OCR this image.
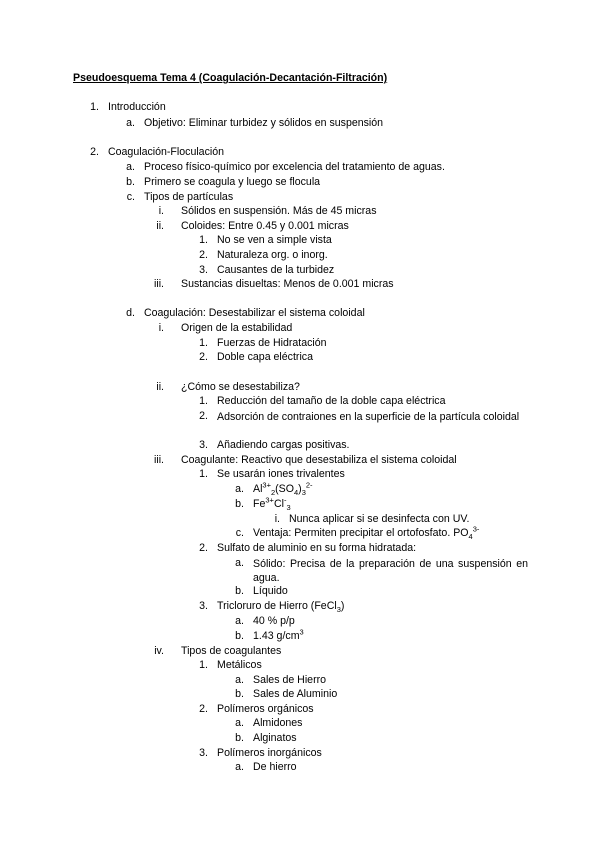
Pseudoesquema Tema 4 (Coagulación-Decantación-Filtración)
1. Introducción
a. Objetivo: Eliminar turbidez y sólidos en suspensión
2. Coagulación-Floculación
a. Proceso físico-químico por excelencia del tratamiento de aguas.
b. Primero se coagula y luego se flocula
c. Tipos de partículas
i. Sólidos en suspensión. Más de 45 micras
ii. Coloides: Entre 0.45 y 0.001 micras
1. No se ven a simple vista
2. Naturaleza org. o inorg.
3. Causantes de la turbidez
iii. Sustancias disueltas: Menos de 0.001 micras
d. Coagulación: Desestabilizar el sistema coloidal
i. Origen de la estabilidad
1. Fuerzas de Hidratación
2. Doble capa eléctrica
ii. ¿Cómo se desestabiliza?
1. Reducción del tamaño de la doble capa eléctrica
2. Adsorción de contraiones en la superficie de la partícula coloidal
3. Añadiendo cargas positivas.
iii. Coagulante: Reactivo que desestabiliza el sistema coloidal
1. Se usarán iones trivalentes
a. $Al^{3+}_2(SO_4)_3^{2-}$
b. $Fe^{3+}Cl^-_3$
i. Nunca aplicar si se desinfecta con UV.
c. Ventaja: Permiten precipitar el ortofosfato. $PO_4^{3-}$
2. Sulfato de aluminio en su forma hidratada:
a. Sólido: Precisa de la preparación de una suspensión en agua.
b. Líquido
3. Tricloruro de Hierro (FeCl$_3$)
a. 40 % p/p
b. 1.43 $g/cm^3$
iv. Tipos de coagulantes
1. Metálicos
a. Sales de Hierro
b. Sales de Aluminio
2. Polímeros orgánicos
a. Almidones
b. Alginatos
3. Polímeros inorgánicos
a. De hierro
